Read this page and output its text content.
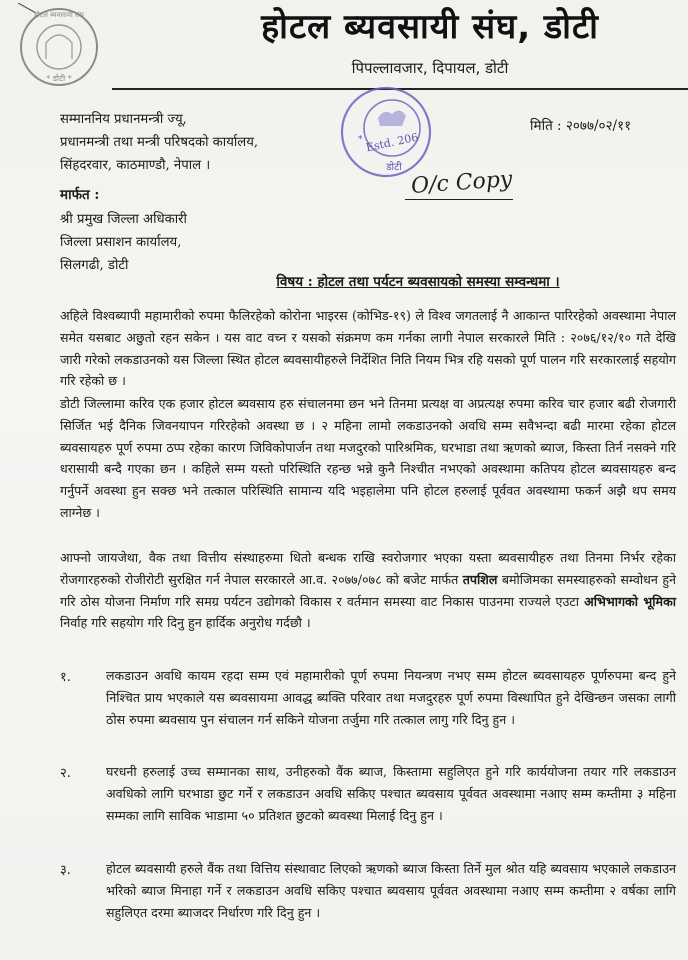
होटल ब्यवसायी संघ
* डोटी *
होटल ब्यवसायी संघ, डोटी
पिपल्लावजार, दिपायल, डोटी
Estd. 206
डोटी
*
सम्माननिय प्रधानमन्त्री ज्यू,
प्रधानमन्त्री तथा मन्त्री परिषदको कार्यालय,
सिंहदरवार, काठमाण्डौ, नेपाल ।
मिति : २०७७/०२/११
O/c Copy
मार्फत :
श्री प्रमुख जिल्ला अधिकारी
जिल्ला प्रसाशन कार्यालय,
सिलगढी, डोटी
विषय : होटल तथा पर्यटन ब्यवसायको समस्या सम्वन्धमा ।
अहिले विश्वब्यापी महामारीको रुपमा फैलिरहेको कोरोना भाइरस (कोभिड-१९) ले विश्व जगतलाई नै आकान्त पारिरहेको अवस्थामा नेपाल समेत यसबाट अछुतो रहन सकेन । यस वाट वच्न र यसको संक्रमण कम गर्नका लागी नेपाल सरकारले मिति : २०७६/१२/१० गते देखि जारी गरेको लकडाउनको यस जिल्ला स्थित होटल ब्यवसायीहरुले निर्देशित निति नियम भित्र रहि यसको पूर्ण पालन गरि सरकारलाई सहयोग गरि रहेको छ ।
डोटी जिल्लामा करिव एक हजार होटल ब्यवसाय हरु संचालनमा छन भने तिनमा प्रत्यक्ष वा अप्रत्यक्ष रुपमा करिव चार हजार बढी रोजगारी सिर्जित भई दैनिक जिवनयापन गरिरहेको अवस्था छ । २ महिना लामो लकडाउनको अवधि सम्म सवैभन्दा बढी मारमा रहेका होटल ब्यवसायहरु पूर्ण रुपमा ठप्प रहेका कारण जिविकोपार्जन तथा मजदुरको पारिश्रमिक, घरभाडा तथा ऋणको ब्याज, किस्ता तिर्न नसक्ने गरि धरासायी बन्दै गएका छन । कहिले सम्म यस्तो परिस्थिति रहन्छ भन्ने कुनै निश्चीत नभएको अवस्थामा कतिपय होटल ब्यवसायहरु बन्द गर्नुपर्ने अवस्था हुन सक्छ भने तत्काल परिस्थिति सामान्य यदि भइहालेमा पनि होटल हरुलाई पूर्ववत अवस्थामा फकर्न अझै थप समय लाग्नेछ ।
आफ्नो जायजेथा, वैक तथा वित्तीय संस्थाहरुमा धितो बन्धक राखि स्वरोजगार भएका यस्ता ब्यवसायीहरु तथा तिनमा निर्भर रहेका रोजगारहरुको रोजीरोटी सुरक्षित गर्न नेपाल सरकारले आ.व. २०७७/०७८ को बजेट मार्फत तपशिल बमोजिमका समस्याहरुको सम्वोधन हुने गरि ठोस योजना निर्माण गरि समग्र पर्यटन उद्योगको विकास र वर्तमान समस्या वाट निकास पाउनमा राज्यले एउटा अभिभागको भूमिका निर्वाह गरि सहयोग गरि दिनु हुन हार्दिक अनुरोध गर्दछौ ।
१.	लकडाउन अवधि कायम रहदा सम्म एवं महामारीको पूर्ण रुपमा नियन्त्रण नभए सम्म होटल ब्यवसायहरु पूर्णरुपमा बन्द हुने निश्चित प्राय भएकाले यस ब्यवसायमा आवद्ध ब्यक्ति परिवार तथा मजदुरहरु पूर्ण रुपमा विस्थापित हुने देखिन्छन जसका लागी ठोस रुपमा ब्यवसाय पुन संचालन गर्न सकिने योजना तर्जुमा गरि तत्काल लागु गरि दिनु हुन ।
२.	घरधनी हरुलाई उच्च सम्मानका साथ, उनीहरुको वैंक ब्याज, किस्तामा सहुलिएत हुने गरि कार्ययोजना तयार गरि लकडाउन अवधिको लागि घरभाडा छुट गर्ने र लकडाउन अवधि सकिए पश्चात ब्यवसाय पूर्ववत अवस्थामा नआए सम्म कम्तीमा ३ महिना सम्मका लागि साविक भाडामा ५० प्रतिशत छुटको ब्यवस्था मिलाई दिनु हुन ।
३.	होटल ब्यवसायी हरुले वैंक तथा वित्तिय संस्थावाट लिएको ऋणको ब्याज किस्ता तिर्ने मुल श्रोत यहि ब्यवसाय भएकाले लकडाउन भरिको ब्याज मिनाहा गर्ने र लकडाउन अवधि सकिए पश्चात ब्यवसाय पूर्ववत अवस्थामा नआए सम्म कम्तीमा २ वर्षका लागि सहुलिएत दरमा ब्याजदर निर्धारण गरि दिनु हुन ।
